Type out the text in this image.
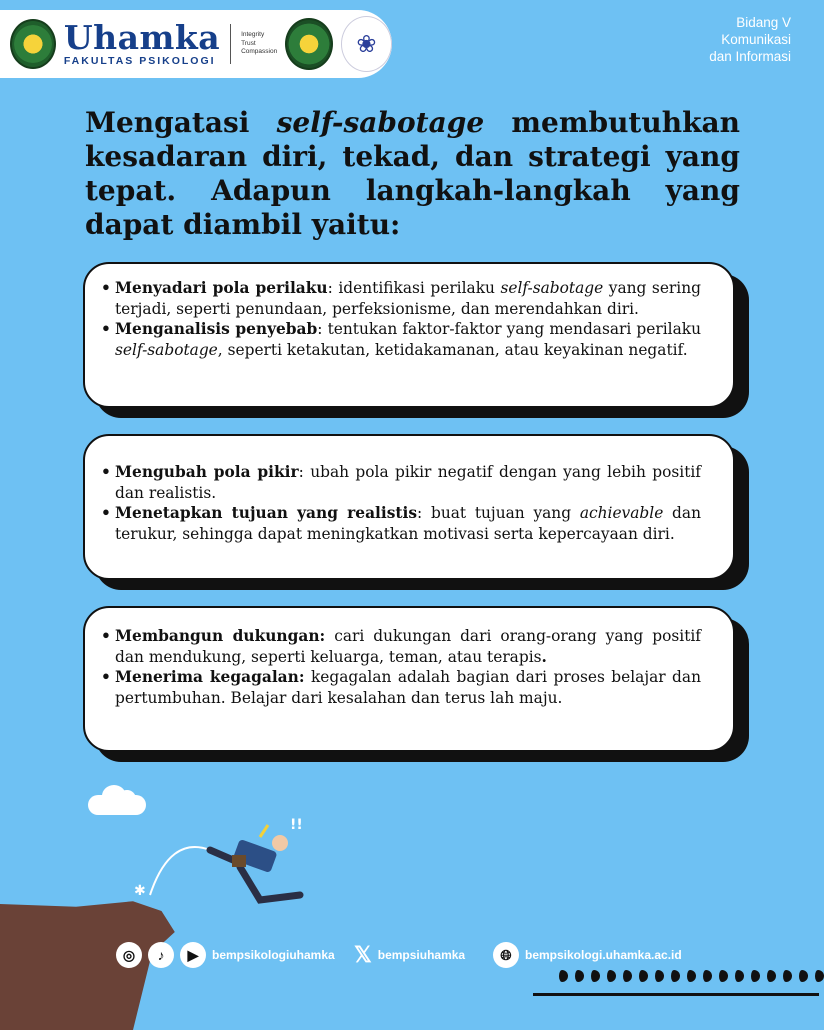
Uhamka
FAKULTAS PSIKOLOGI
Integrity
Trust
Compassion	❀
Bidang V
Komunikasi
dan Informasi
Mengatasi self-sabotage membutuhkan kesadaran diri, tekad, dan strategi yang tepat. Adapun langkah-langkah yang dapat diambil yaitu:
• Menyadari pola perilaku: identifikasi perilaku self-sabotage yang sering terjadi, seperti penundaan, perfeksionisme, dan merendahkan diri.
• Menganalisis penyebab: tentukan faktor-faktor yang mendasari perilaku self-sabotage, seperti ketakutan, ketidakamanan, atau keyakinan negatif.
• Mengubah pola pikir: ubah pola pikir negatif dengan yang lebih positif dan realistis.
• Menetapkan tujuan yang realistis: buat tujuan yang achievable dan terukur, sehingga dapat meningkatkan motivasi serta kepercayaan diri.
• Membangun dukungan: cari dukungan dari orang-orang yang positif dan mendukung, seperti keluarga, teman, atau terapis.
• Menerima kegagalan: kegagalan adalah bagian dari proses belajar dan pertumbuhan. Belajar dari kesalahan dan terus lah maju.
!!
✱
◎	♪	▶	bempsikologiuhamka 𝕏 bempsiuhamka	🌐︎	bempsikologi.uhamka.ac.id
